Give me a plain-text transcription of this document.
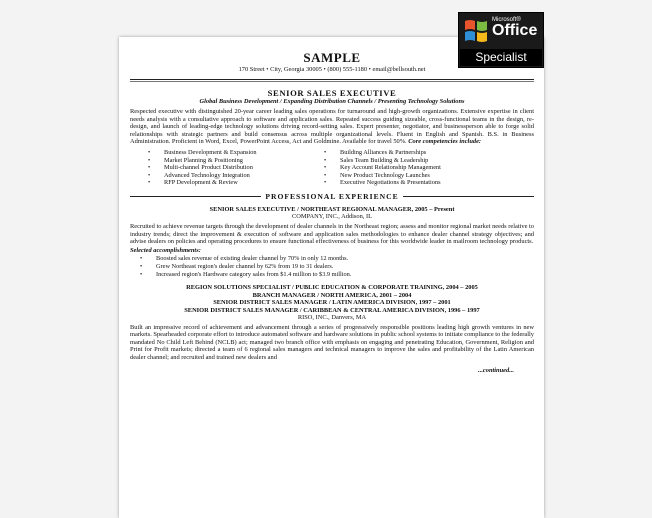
SAMPLE
170 Street • City, Georgia 30005 • (800) 555-1180 • email@bellsouth.net
SENIOR SALES EXECUTIVE
Global Business Development / Expanding Distribution Channels / Presenting Technology Solutions

Respected executive with distinguished 20-year career leading sales operations for turnaround and high-growth organizations. Extensive expertise in client needs analysis with a consultative approach to software and application sales. Repeated success guiding sizeable, cross-functional teams in the design, re-design, and launch of leading-edge technology solutions driving record-setting sales. Expert presenter, negotiator, and businessperson able to forge solid relationships with strategic partners and build consensus across multiple organizational levels. Fluent in English and Spanish. B.S. in Business Administration. Proficient in Word, Excel, PowerPoint Access, Act and Goldmine. Available for travel 50%. Core competencies include:

• Business Development & Expansion
• Market Planning & Positioning
• Multi-channel Product Distribution
• Advanced Technology Integration
• RFP Development & Review
• Building Alliances & Partnerships
• Sales Team Building & Leadership
• Key Account Relationship Management
• New Product Technology Launches
• Executive Negotiations & Presentations
PROFESSIONAL EXPERIENCE
SENIOR SALES EXECUTIVE / NORTHEAST REGIONAL MANAGER, 2005 – Present
COMPANY, INC., Addison, IL

Recruited to achieve revenue targets through the development of dealer channels in the Northeast region; assess and monitor regional market needs relative to industry trends; direct the improvement & execution of software and application sales methodologies to enhance dealer channel strategy objectives; and advise dealers on policies and operating procedures to ensure functional effectiveness of business for this worldwide leader in mailroom technology products.

Selected accomplishments:
• Boosted sales revenue of existing dealer channel by 70% in only 12 months.
• Grew Northeast region's dealer channel by 62% from 19 to 31 dealers.
• Increased region's Hardware category sales from $1.4 million to $3.9 million.
REGION SOLUTIONS SPECIALIST / PUBLIC EDUCATION & CORPORATE TRAINING, 2004 – 2005
BRANCH MANAGER / NORTH AMERICA, 2001 – 2004
SENIOR DISTRICT SALES MANAGER / LATIN AMERICA DIVISION, 1997 – 2001
SENIOR DISTRICT SALES MANAGER / CARIBBEAN & CENTRAL AMERICA DIVISION, 1996 – 1997
RISO, INC., Danvers, MA

Built an impressive record of achievement and advancement through a series of progressively responsible positions leading high growth ventures in new markets. Spearheaded corporate effort to introduce automated software and hardware solutions in public school systems to initiate compliance to the federally mandated No Child Left Behind (NCLB) act; managed two branch office with emphasis on engaging and penetrating Education, Government, Religion and Print for Profit markets; directed a team of 6 regional sales managers and technical managers to improve the sales and profitability of the Latin American dealer channel; and recruited and trained new dealers and

...continued...
Microsoft®
Office
Specialist
